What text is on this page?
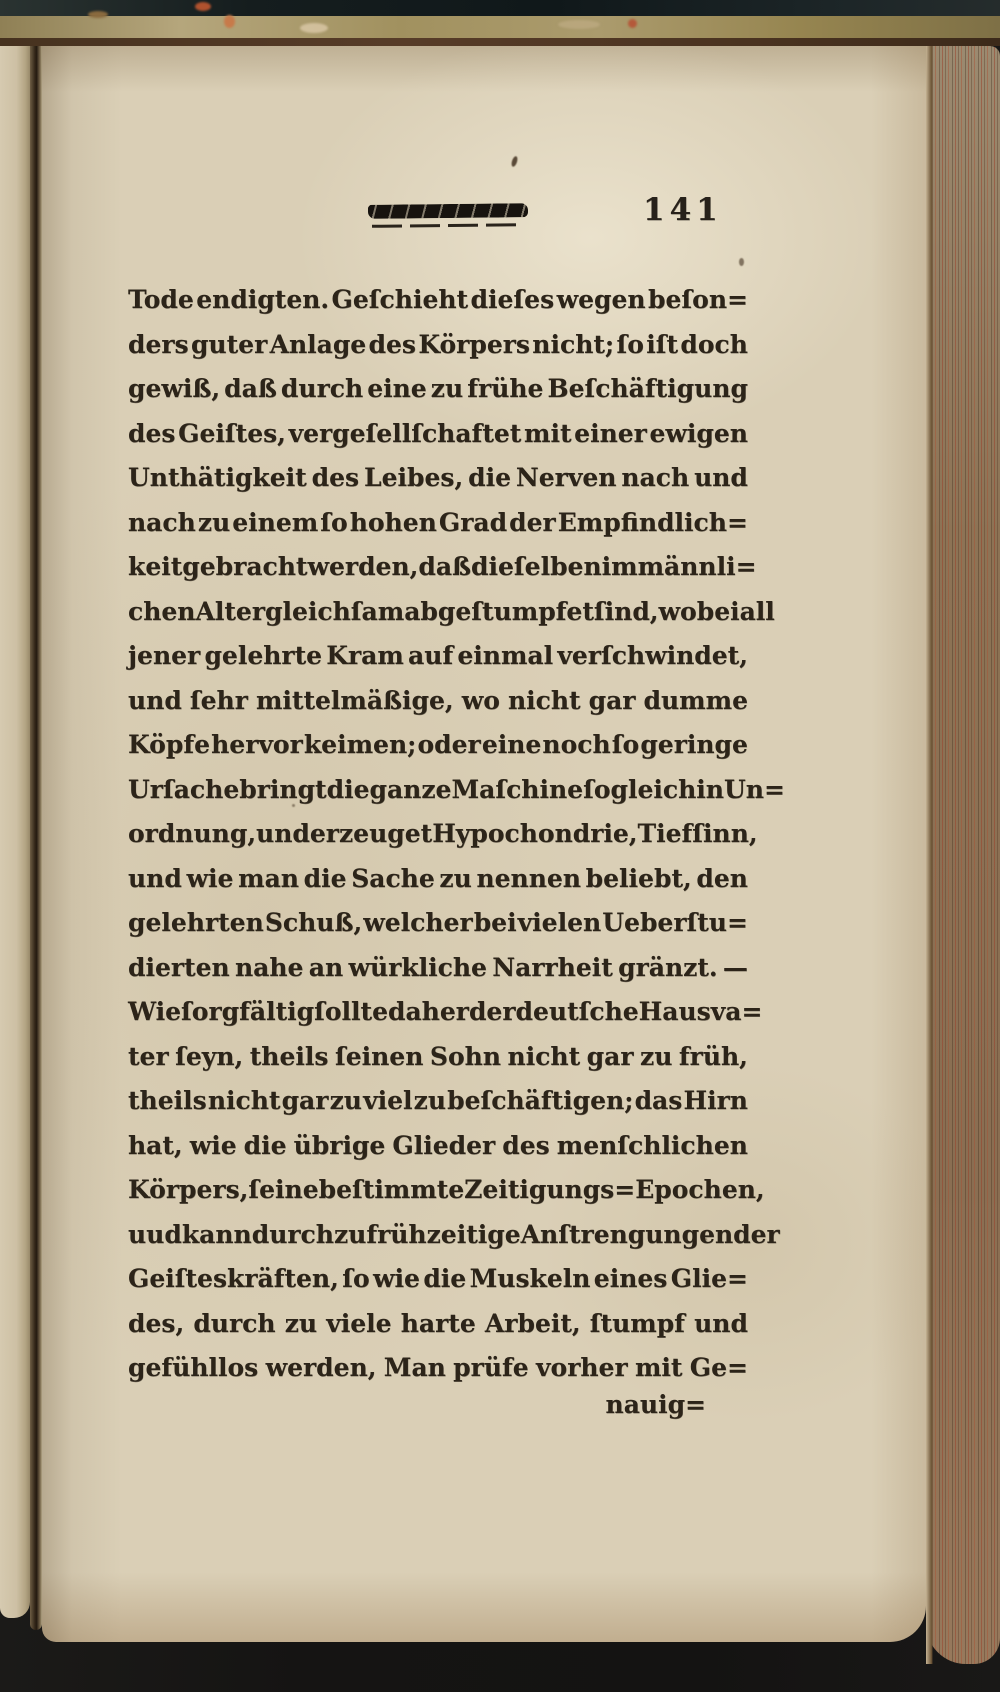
141
Tode endigten. Geſchieht dieſes wegen beſon=
ders guter Anlage des Körpers nicht; ſo iſt doch
gewiß, daß durch eine zu frühe Beſchäftigung
des Geiſtes, vergeſellſchaftet mit einer ewigen
Unthätigkeit des Leibes, die Nerven nach und
nach zu einem ſo hohen Grad der Empfindlich=
keit gebracht werden, daß dieſelben im männli=
chen Alter gleichſam abgeſtumpfet ſind, wobei all
jener gelehrte Kram auf einmal verſchwindet,
und ſehr mittelmäßige, wo nicht gar dumme
Köpfe hervor keimen; oder eine noch ſo geringe
Urſache bringt die ganze Maſchine ſogleich in Un=
ordnung, und erzeuget Hypochondrie, Tiefſinn,
und wie man die Sache zu nennen beliebt, den
gelehrten Schuß, welcher bei vielen Ueberſtu=
dierten nahe an würkliche Narrheit gränzt. —
Wie ſorgfältig ſollte daher der deutſche Hausva=
ter ſeyn, theils ſeinen Sohn nicht gar zu früh,
theils nicht gar zu viel zu beſchäftigen; das Hirn
hat, wie die übrige Glieder des menſchlichen
Körpers, ſeine beſtimmte Zeitigungs=Epochen,
uud kann durch zu frühzeitige Anſtrengungen der
Geiſteskräften, ſo wie die Muskeln eines Glie=
des, durch zu viele harte Arbeit, ſtumpf und
gefühllos werden, Man prüfe vorher mit Ge=
nauig=
